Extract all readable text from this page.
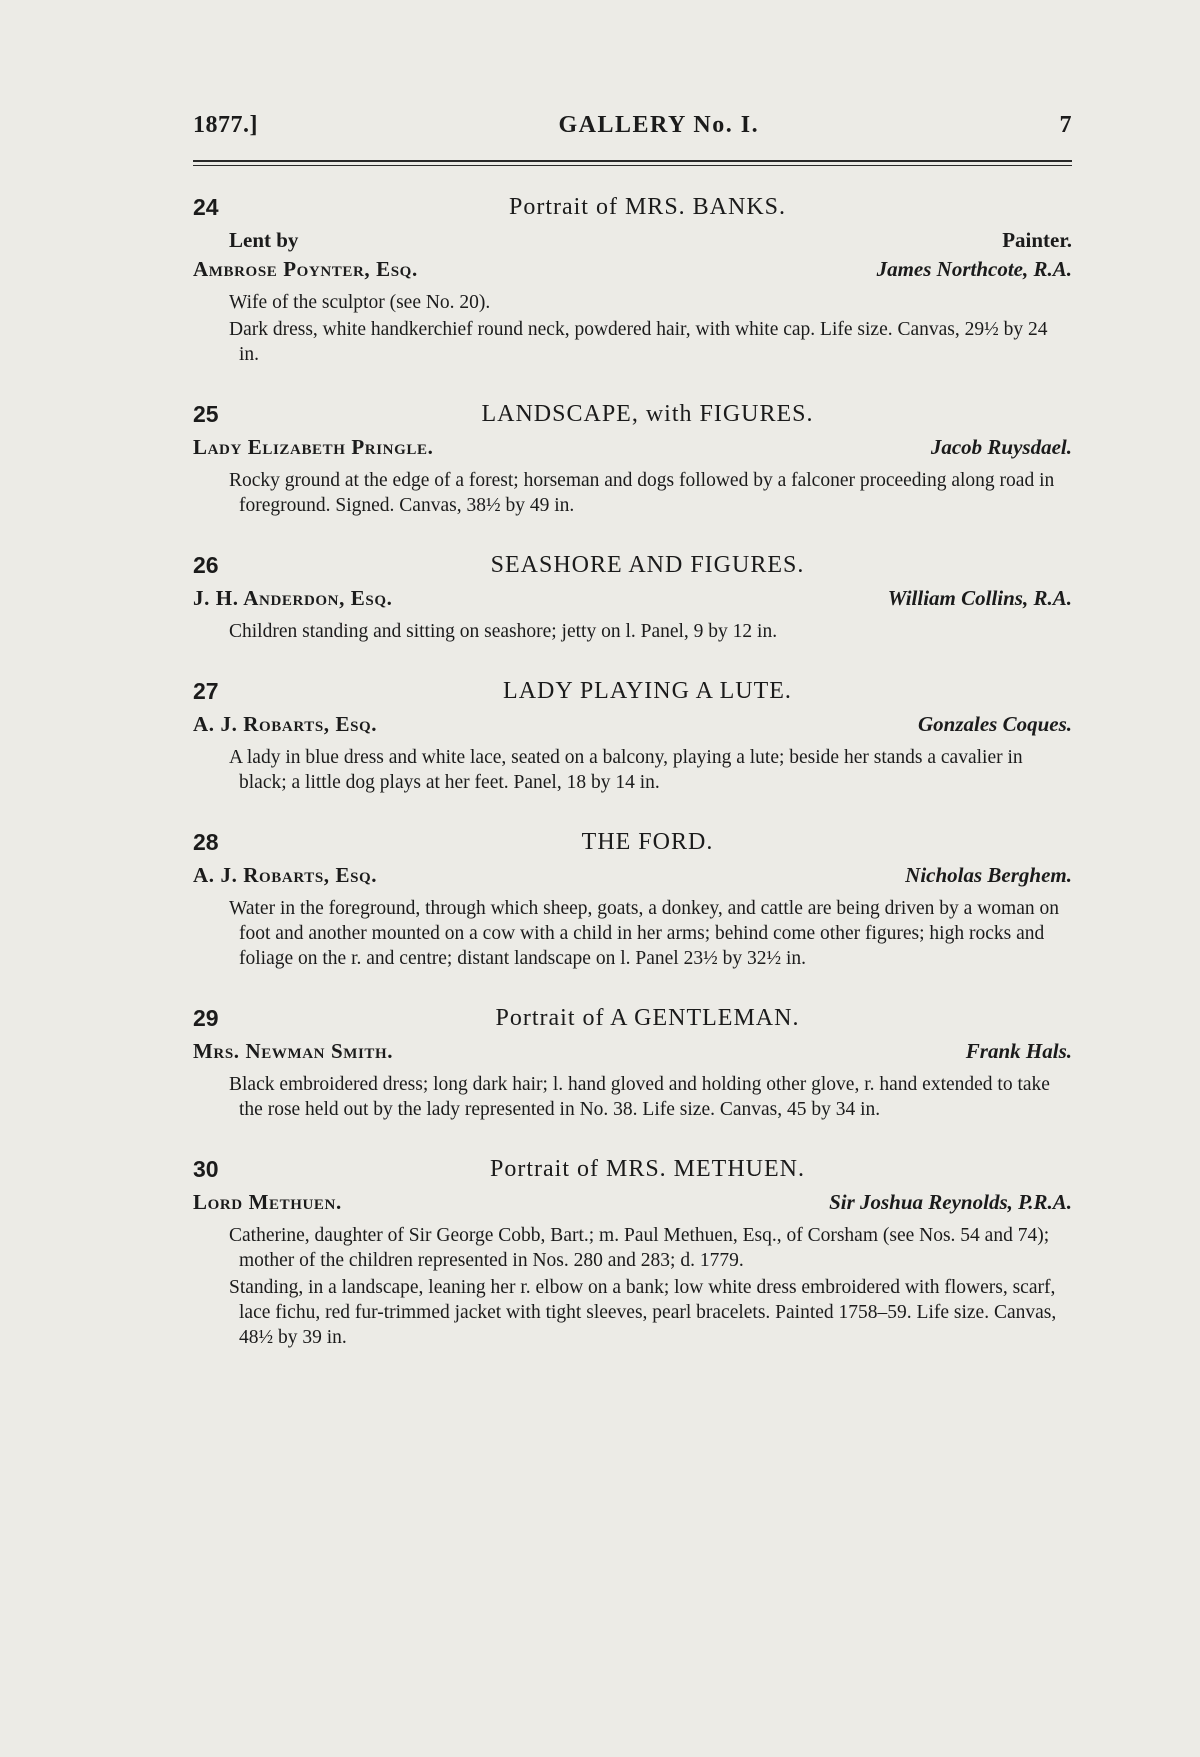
1877.]	GALLERY No. I.	7
24	Portrait of MRS. BANKS.
Lent by	Painter.
Ambrose Poynter, Esq.	James Northcote, R.A.

Wife of the sculptor (see No. 20).

Dark dress, white handkerchief round neck, powdered hair, with white cap. Life size. Canvas, 29½ by 24 in.

25	LANDSCAPE, with FIGURES.
Lady Elizabeth Pringle.	Jacob Ruysdael.

Rocky ground at the edge of a forest; horseman and dogs followed by a falconer proceeding along road in foreground. Signed. Canvas, 38½ by 49 in.

26	SEASHORE AND FIGURES.
J. H. Anderdon, Esq.	William Collins, R.A.

Children standing and sitting on seashore; jetty on l. Panel, 9 by 12 in.

27	LADY PLAYING A LUTE.
A. J. Robarts, Esq.	Gonzales Coques.

A lady in blue dress and white lace, seated on a balcony, playing a lute; beside her stands a cavalier in black; a little dog plays at her feet. Panel, 18 by 14 in.

28	THE FORD.
A. J. Robarts, Esq.	Nicholas Berghem.

Water in the foreground, through which sheep, goats, a donkey, and cattle are being driven by a woman on foot and another mounted on a cow with a child in her arms; behind come other figures; high rocks and foliage on the r. and centre; distant landscape on l. Panel 23½ by 32½ in.

29	Portrait of A GENTLEMAN.
Mrs. Newman Smith.	Frank Hals.

Black embroidered dress; long dark hair; l. hand gloved and holding other glove, r. hand extended to take the rose held out by the lady represented in No. 38. Life size. Canvas, 45 by 34 in.

30	Portrait of MRS. METHUEN.
Lord Methuen.	Sir Joshua Reynolds, P.R.A.

Catherine, daughter of Sir George Cobb, Bart.; m. Paul Methuen, Esq., of Corsham (see Nos. 54 and 74); mother of the children represented in Nos. 280 and 283; d. 1779.

Standing, in a landscape, leaning her r. elbow on a bank; low white dress embroidered with flowers, scarf, lace fichu, red fur-trimmed jacket with tight sleeves, pearl bracelets. Painted 1758–59. Life size. Canvas, 48½ by 39 in.
